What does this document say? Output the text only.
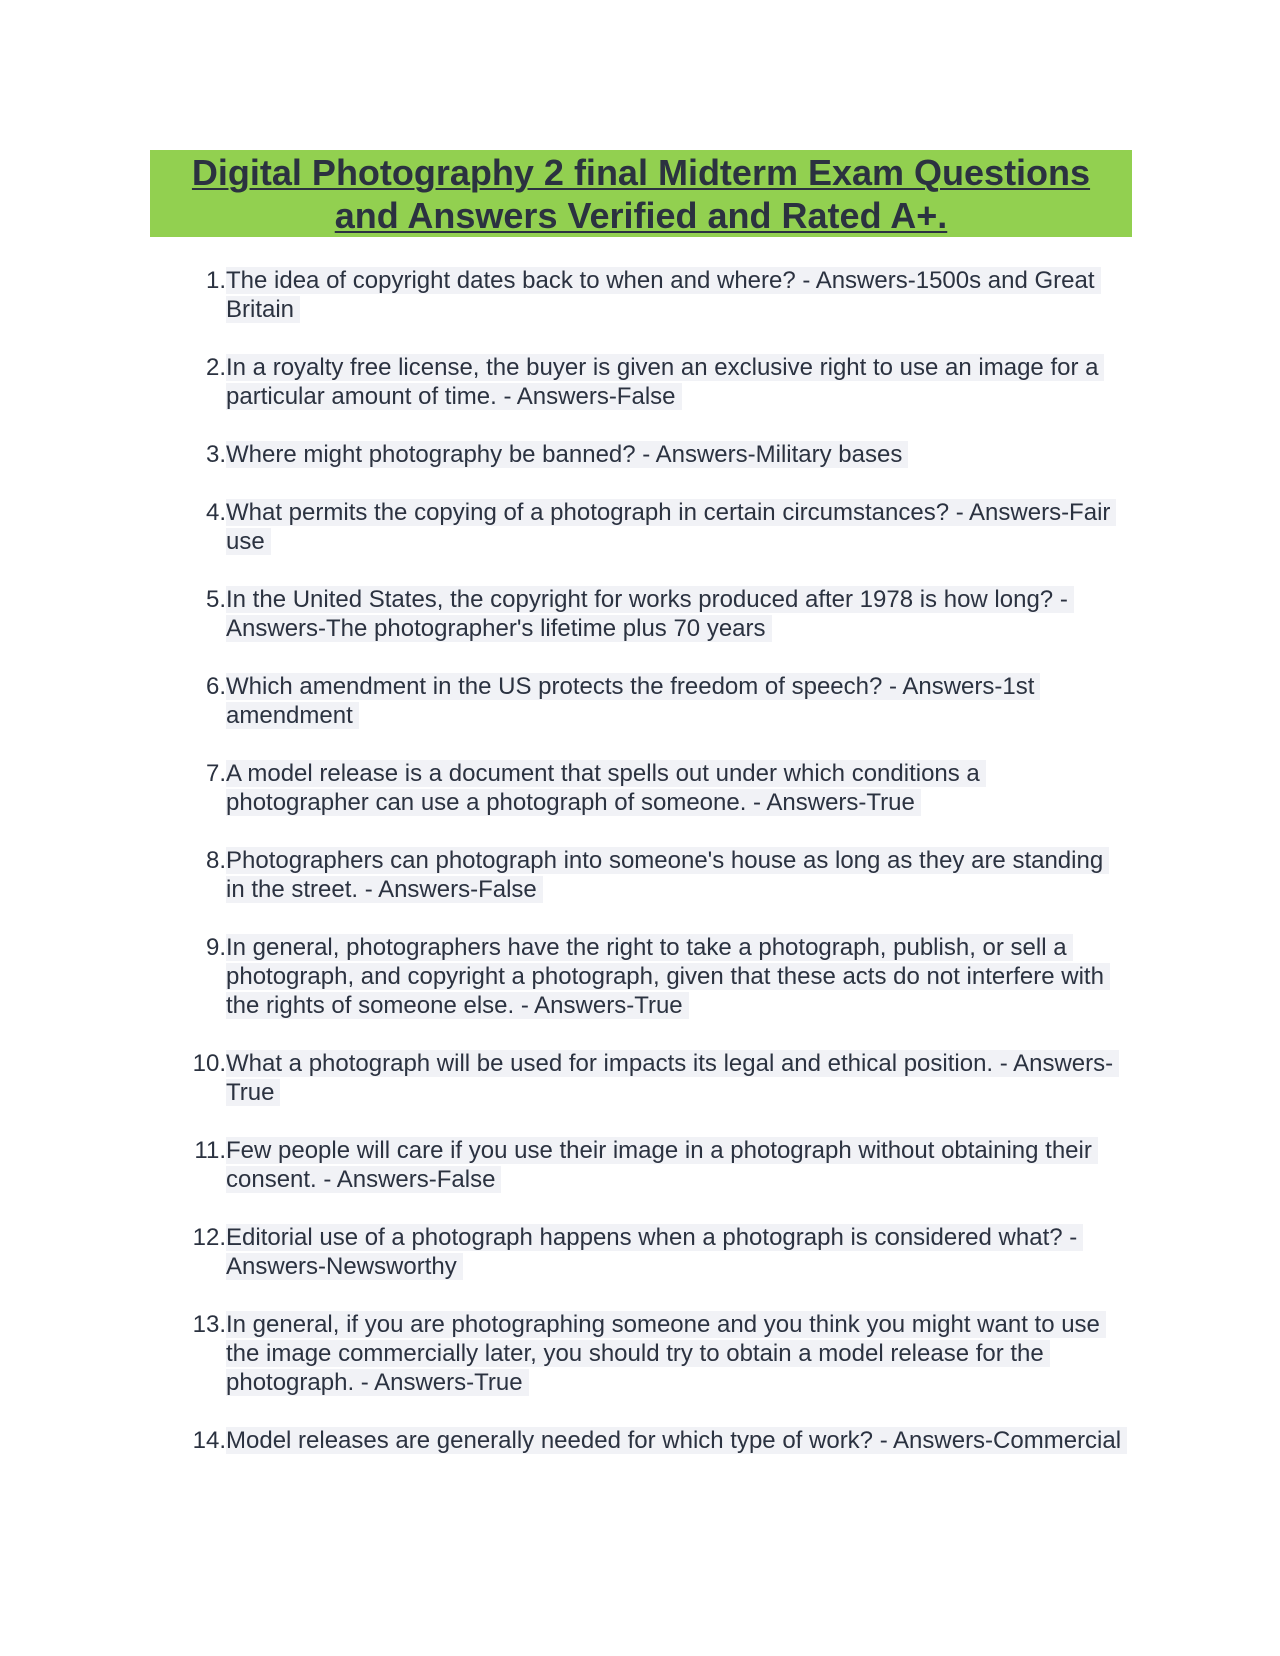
Digital Photography 2 final Midterm Exam Questions and Answers Verified and Rated A+.
1. The idea of copyright dates back to when and where? - Answers-1500s and Great Britain
2. In a royalty free license, the buyer is given an exclusive right to use an image for a particular amount of time. - Answers-False
3. Where might photography be banned? - Answers-Military bases
4. What permits the copying of a photograph in certain circumstances? - Answers-Fair use
5. In the United States, the copyright for works produced after 1978 is how long? - Answers-The photographer's lifetime plus 70 years
6. Which amendment in the US protects the freedom of speech? - Answers-1st amendment
7. A model release is a document that spells out under which conditions a photographer can use a photograph of someone. - Answers-True
8. Photographers can photograph into someone's house as long as they are standing in the street. - Answers-False
9. In general, photographers have the right to take a photograph, publish, or sell a photograph, and copyright a photograph, given that these acts do not interfere with the rights of someone else. - Answers-True
10. What a photograph will be used for impacts its legal and ethical position. - Answers-True
11. Few people will care if you use their image in a photograph without obtaining their consent. - Answers-False
12. Editorial use of a photograph happens when a photograph is considered what? - Answers-Newsworthy
13. In general, if you are photographing someone and you think you might want to use the image commercially later, you should try to obtain a model release for the photograph. - Answers-True
14. Model releases are generally needed for which type of work? - Answers-Commercial
